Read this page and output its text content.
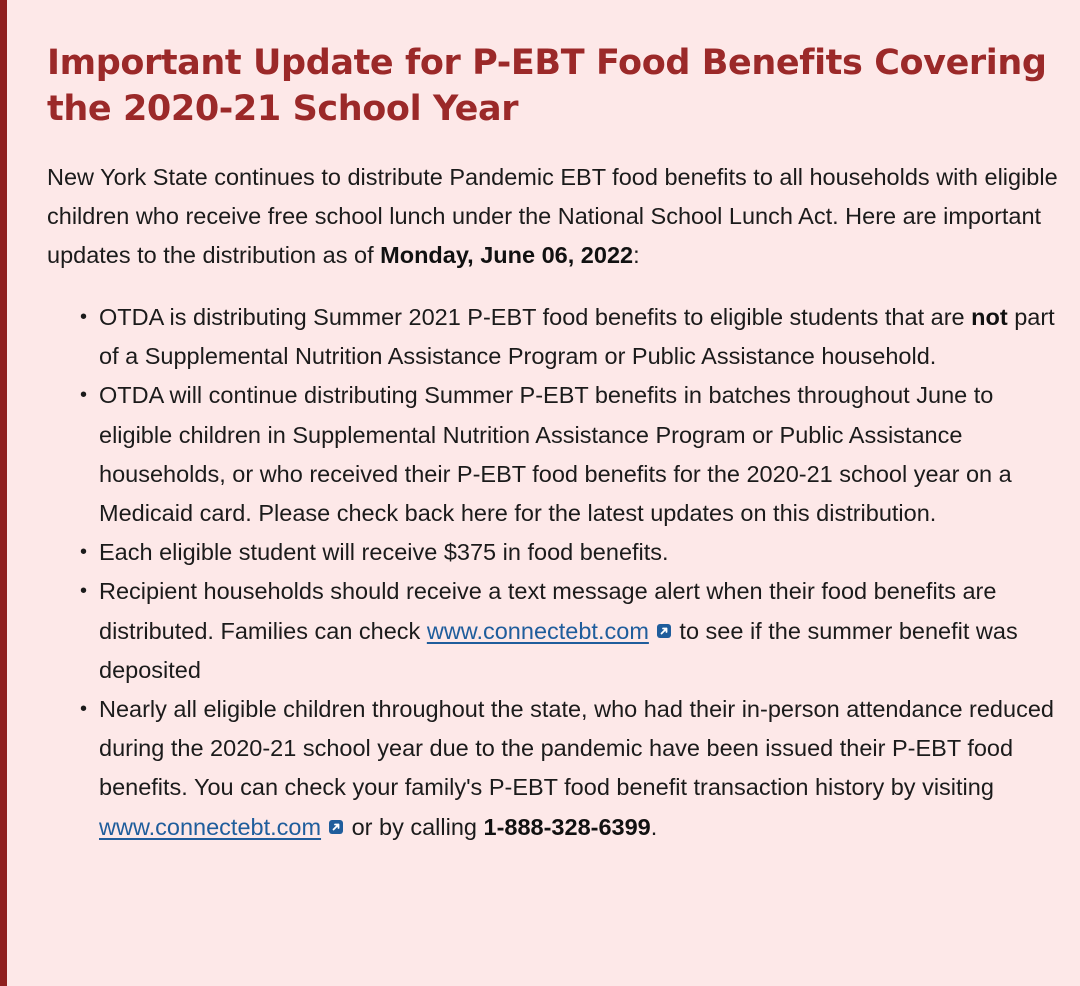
Important Update for P-EBT Food Benefits Covering the 2020-21 School Year

New York State continues to distribute Pandemic EBT food benefits to all households with eligible children who receive free school lunch under the National School Lunch Act. Here are important updates to the distribution as of Monday, June 06, 2022:

• OTDA is distributing Summer 2021 P-EBT food benefits to eligible students that are not part of a Supplemental Nutrition Assistance Program or Public Assistance household.
• OTDA will continue distributing Summer P-EBT benefits in batches throughout June to eligible children in Supplemental Nutrition Assistance Program or Public Assistance households, or who received their P-EBT food benefits for the 2020-21 school year on a Medicaid card. Please check back here for the latest updates on this distribution.
• Each eligible student will receive $375 in food benefits.
• Recipient households should receive a text message alert when their food benefits are distributed. Families can check www.connectebt.com to see if the summer benefit was deposited
• Nearly all eligible children throughout the state, who had their in-person attendance reduced during the 2020-21 school year due to the pandemic have been issued their P-EBT food benefits. You can check your family's P-EBT food benefit transaction history by visiting www.connectebt.com or by calling 1-888-328-6399.
